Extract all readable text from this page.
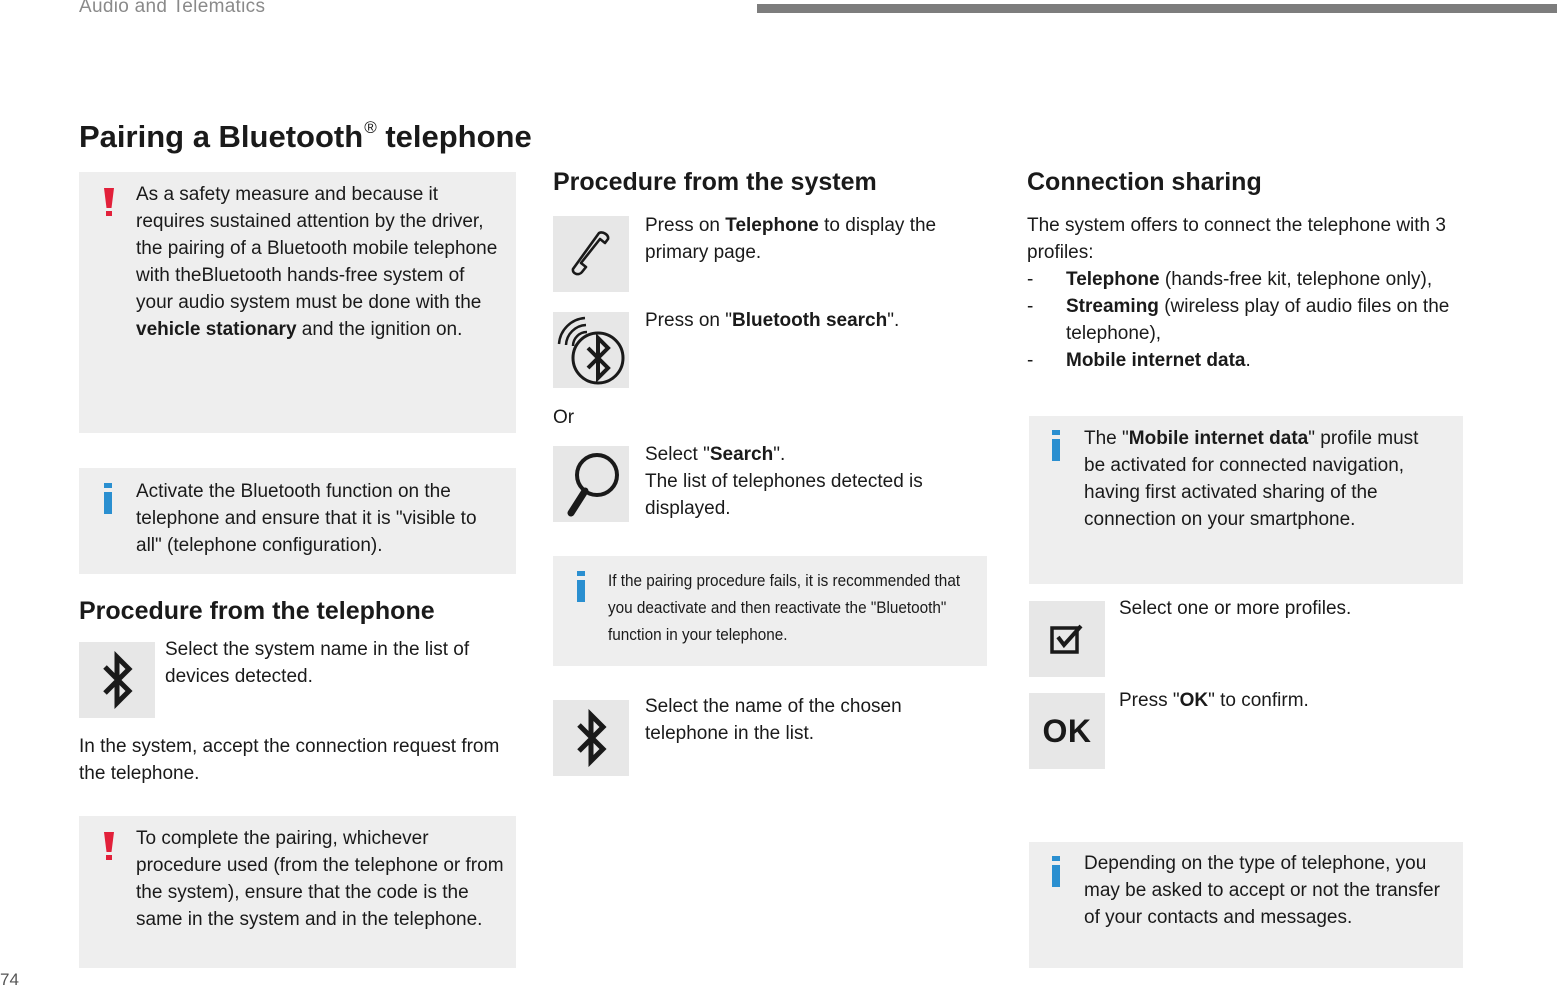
Audio and Telematics
Pairing a Bluetooth® telephone
As a safety measure and because it requires sustained attention by the driver, the pairing of a Bluetooth mobile telephone with theBluetooth hands-free system of your audio system must be done with the vehicle stationary and the ignition on.
Activate the Bluetooth function on the telephone and ensure that it is "visible to all" (telephone configuration).
Procedure from the telephone
Select the system name in the list of devices detected.
In the system, accept the connection request from the telephone.
To complete the pairing, whichever procedure used (from the telephone or from the system), ensure that the code is the same in the system and in the telephone.
Procedure from the system
Press on Telephone to display the primary page.
Press on "Bluetooth search".
Or
Select "Search".
The list of telephones detected is displayed.
If the pairing procedure fails, it is recommended that you deactivate and then reactivate the "Bluetooth" function in your telephone.
Select the name of the chosen telephone in the list.
Connection sharing
The system offers to connect the telephone with 3 profiles:
- Telephone (hands-free kit, telephone only),
- Streaming (wireless play of audio files on the telephone),
- Mobile internet data.
The "Mobile internet data" profile must be activated for connected navigation, having first activated sharing of the connection on your smartphone.
Select one or more profiles.
OK
Press "OK" to confirm.
Depending on the type of telephone, you may be asked to accept or not the transfer of your contacts and messages.
74
